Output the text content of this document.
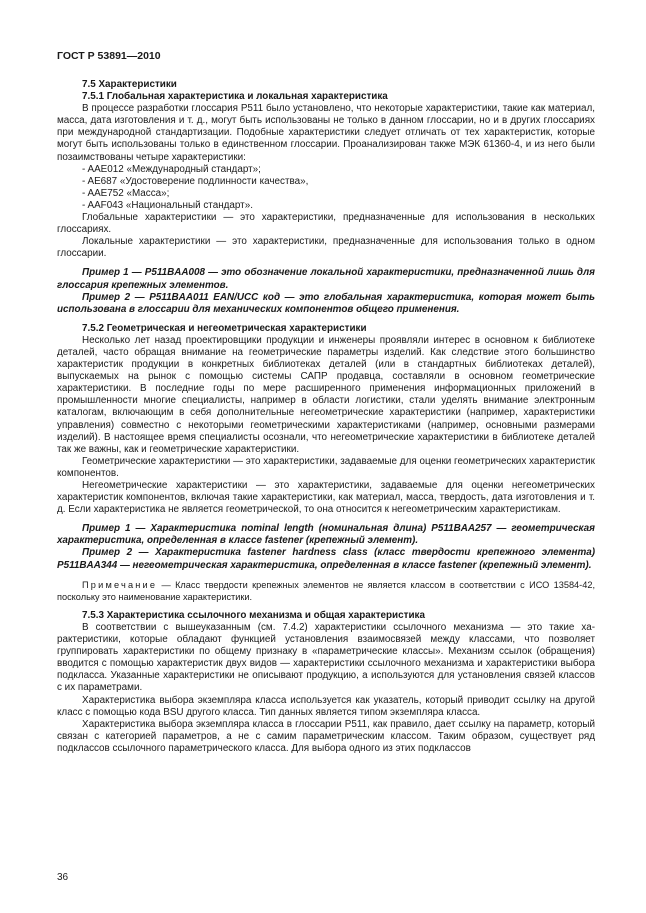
ГОСТ Р 53891—2010

7.5 Характеристики

7.5.1 Глобальная характеристика и локальная характеристика

В процессе разработки глоссария P511 было установлено, что некоторые характеристики, такие как материал, масса, дата изготовления и т. д., могут быть использованы не только в данном глоссарии, но и в других глоссариях при международной стандартизации. Подобные характеристики следует отличать от тех характеристик, которые могут быть использованы только в единственном глоссарии. Проанализирован также МЭК 61360-4, и из него были позаимствованы четыре характеристики:

- AAE012 «Международный стандарт»;

- AE687 «Удостоверение подлинности качества»,

- AAE752 «Масса»;

- AAF043 «Национальный стандарт».

Глобальные характеристики — это характеристики, предназначенные для использования в нескольких глоссариях.

Локальные характеристики — это характеристики, предназначенные для использования только в одном глоссарии.

Пример 1 — P511BAA008 — это обозначение локальной характеристики, предназначенной лишь для глоссария крепежных элементов.

Пример 2 — P511BAA011 EAN/UCC код — это глобальная характеристика, которая может быть использована в глоссарии для механических компонентов общего применения.

7.5.2 Геометрическая и негеометрическая характеристики

Несколько лет назад проектировщики продукции и инженеры проявляли интерес в основном к библиотеке деталей, часто обращая внимание на геометрические параметры изделий. Как следствие этого большинство характеристик продукции в конкретных библиотеках деталей (или в стандартных библиотеках деталей), выпускаемых на рынок с помощью системы САПР продавца, составляли в основном геометрические характеристики. В последние годы по мере расширенного применения информационных приложений в промышленности многие специалисты, например в области логистики, стали уделять внимание электронным каталогам, включающим в себя дополнительные негеометрические характеристики (например, характеристики управления) совместно с некоторыми геометрическими характеристиками (например, основными размерами изделий). В настоящее время специалисты осознали, что негеометрические характеристики в библиотеке деталей так же важны, как и геометрические характеристики.

Геометрические характеристики — это характеристики, задаваемые для оценки геометрических характеристик компонентов.

Негеометрические характеристики — это характеристики, задаваемые для оценки негеометрических характеристик компонентов, включая такие характеристики, как материал, масса, твердость, дата изготовления и т. д. Если характеристика не является геометрической, то она относится к негеометрическим характеристикам.

Пример 1 — Характеристика nominal length (номинальная длина) P511BAA257 — геометрическая характеристика, определенная в классе fastener (крепежный элемент).

Пример 2 — Характеристика fastener hardness class (класс твердости крепежного элемента) P511BAA344 — негеометрическая характеристика, определенная в классе fastener (крепежный элемент).

Примечание — Класс твердости крепежных элементов не является классом в соответствии с ИСО 13584-42, поскольку это наименование характеристики.

7.5.3 Характеристика ссылочного механизма и общая характеристика

В соответствии с вышеуказанным (см. 7.4.2) характеристики ссылочного механизма — это такие характеристики, которые обладают функцией установления взаимосвязей между классами, что позволяет группировать характеристики по общему признаку в «параметрические классы». Механизм ссылок (обращения) вводится с помощью характеристик двух видов — характеристики ссылочного механизма и характеристики выбора подкласса. Указанные характеристики не описывают продукцию, а используются для установления связей классов с их параметрами.

Характеристика выбора экземпляра класса используется как указатель, который приводит ссылку на другой класс с помощью кода BSU другого класса. Тип данных является типом экземпляра класса.

Характеристика выбора экземпляра класса в глоссарии P511, как правило, дает ссылку на параметр, который связан с категорией параметров, а не с самим параметрическим классом. Таким образом, существует ряд подклассов ссылочного параметрического класса. Для выбора одного из этих подклассов

36
